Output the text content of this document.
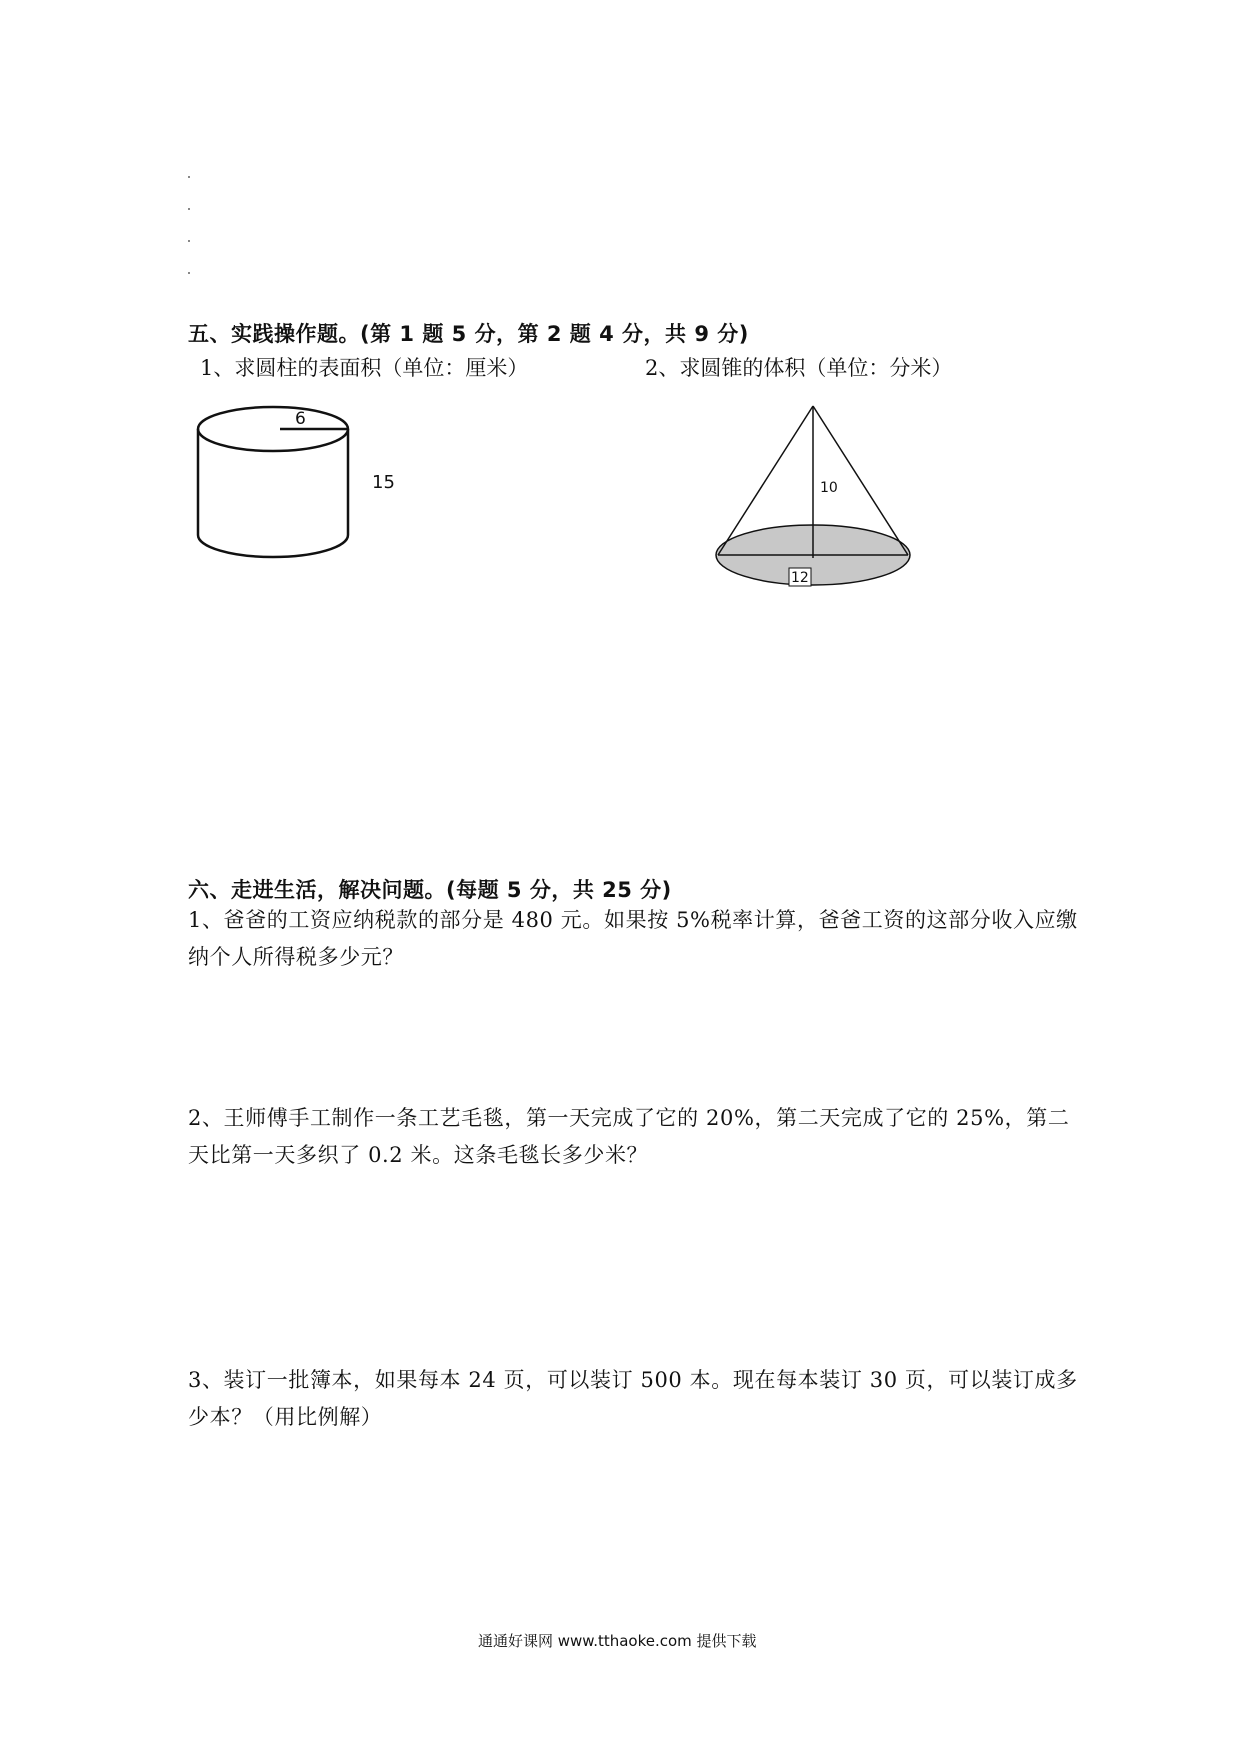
五、实践操作题。(第 1 题 5 分，第 2 题 4 分，共 9 分)
1、求圆柱的表面积（单位：厘米）	2、求圆锥的体积（单位：分米）
6
15	10
12
六、走进生活，解决问题。(每题 5 分，共 25 分)
1、爸爸的工资应纳税款的部分是 480 元。如果按 5%税率计算，爸爸工资的这部分收入应缴纳个人所得税多少元？
2、王师傅手工制作一条工艺毛毯，第一天完成了它的 20%，第二天完成了它的 25%，第二天比第一天多织了 0.2 米。这条毛毯长多少米？
3、装订一批簿本，如果每本 24 页，可以装订 500 本。现在每本装订 30 页，可以装订成多少本？（用比例解）
通通好课网 www.tthaoke.com 提供下载
